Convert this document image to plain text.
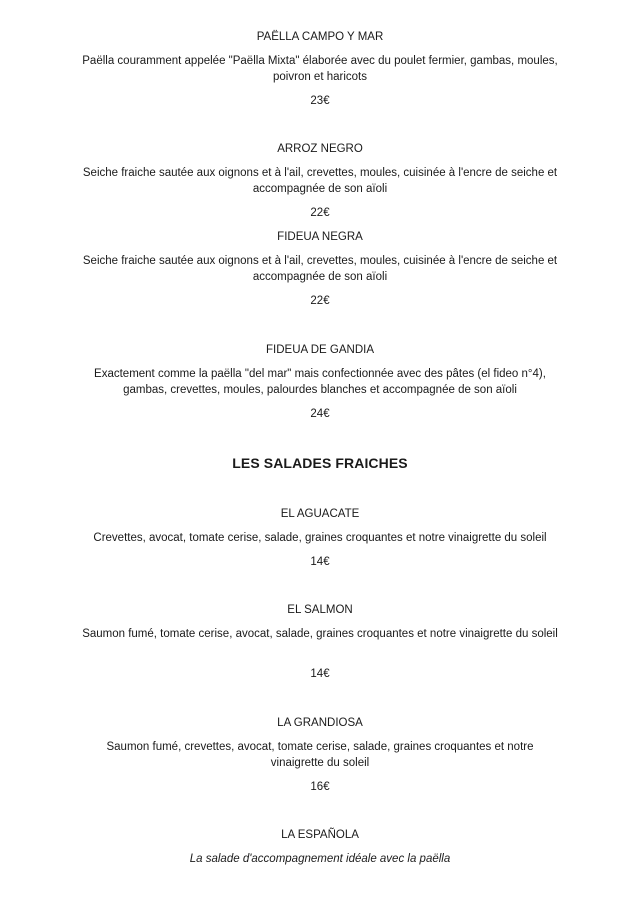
PAËLLA CAMPO Y MAR
Paëlla couramment appelée "Paëlla Mixta" élaborée avec du poulet fermier, gambas, moules, poivron et haricots
23€
ARROZ NEGRO
Seiche fraiche sautée aux oignons et à l'ail, crevettes, moules, cuisinée à l'encre de seiche et accompagnée de son aïoli
22€
FIDEUA NEGRA
Seiche fraiche sautée aux oignons et à l'ail, crevettes, moules, cuisinée à l'encre de seiche et accompagnée de son aïoli
22€
FIDEUA DE GANDIA
Exactement comme la paëlla "del mar" mais confectionnée avec des pâtes (el fideo n°4), gambas, crevettes, moules, palourdes blanches et accompagnée de son aïoli
24€
LES SALADES FRAICHES
EL AGUACATE
Crevettes, avocat, tomate cerise, salade, graines croquantes et notre vinaigrette du soleil
14€
EL SALMON
Saumon fumé, tomate cerise, avocat, salade, graines croquantes et notre vinaigrette du soleil
14€
LA GRANDIOSA
Saumon fumé, crevettes, avocat, tomate cerise, salade, graines croquantes et notre vinaigrette du soleil
16€
LA ESPAÑOLA
La salade d'accompagnement idéale avec la paëlla
